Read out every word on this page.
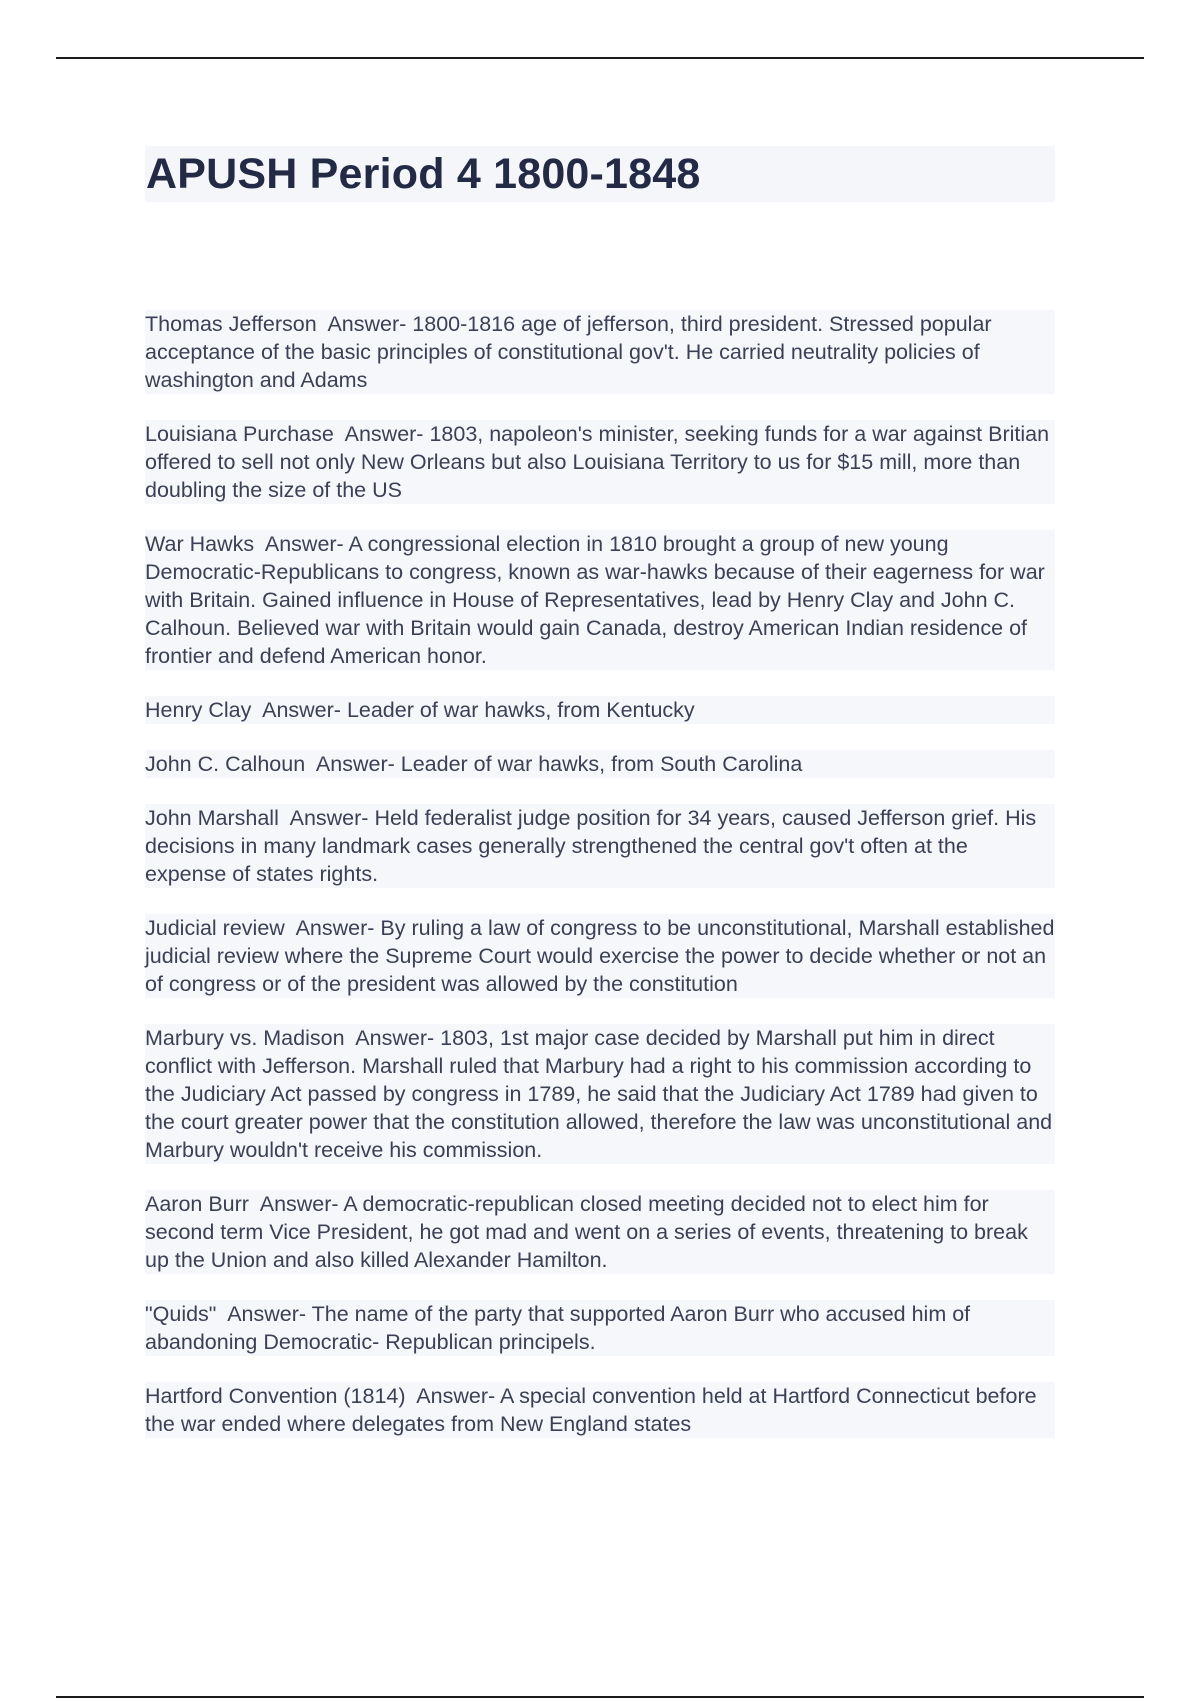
APUSH Period 4 1800-1848

Thomas Jefferson  Answer- 1800-1816 age of jefferson, third president. Stressed popular acceptance of the basic principles of constitutional gov't. He carried neutrality policies of washington and Adams

Louisiana Purchase  Answer- 1803, napoleon's minister, seeking funds for a war against Britian offered to sell not only New Orleans but also Louisiana Territory to us for $15 mill, more than doubling the size of the US

War Hawks  Answer- A congressional election in 1810 brought a group of new young Democratic-Republicans to congress, known as war-hawks because of their eagerness for war with Britain. Gained influence in House of Representatives, lead by Henry Clay and John C. Calhoun. Believed war with Britain would gain Canada, destroy American Indian residence of frontier and defend American honor.

Henry Clay  Answer- Leader of war hawks, from Kentucky

John C. Calhoun  Answer- Leader of war hawks, from South Carolina

John Marshall  Answer- Held federalist judge position for 34 years, caused Jefferson grief. His decisions in many landmark cases generally strengthened the central gov't often at the expense of states rights.

Judicial review  Answer- By ruling a law of congress to be unconstitutional, Marshall established judicial review where the Supreme Court would exercise the power to decide whether or not an of congress or of the president was allowed by the constitution

Marbury vs. Madison  Answer- 1803, 1st major case decided by Marshall put him in direct conflict with Jefferson. Marshall ruled that Marbury had a right to his commission according to the Judiciary Act passed by congress in 1789, he said that the Judiciary Act 1789 had given to the court greater power that the constitution allowed, therefore the law was unconstitutional and Marbury wouldn't receive his commission.

Aaron Burr  Answer- A democratic-republican closed meeting decided not to elect him for second term Vice President, he got mad and went on a series of events, threatening to break up the Union and also killed Alexander Hamilton.

"Quids"  Answer- The name of the party that supported Aaron Burr who accused him of abandoning Democratic- Republican principels.

Hartford Convention (1814)  Answer- A special convention held at Hartford Connecticut before the war ended where delegates from New England states
